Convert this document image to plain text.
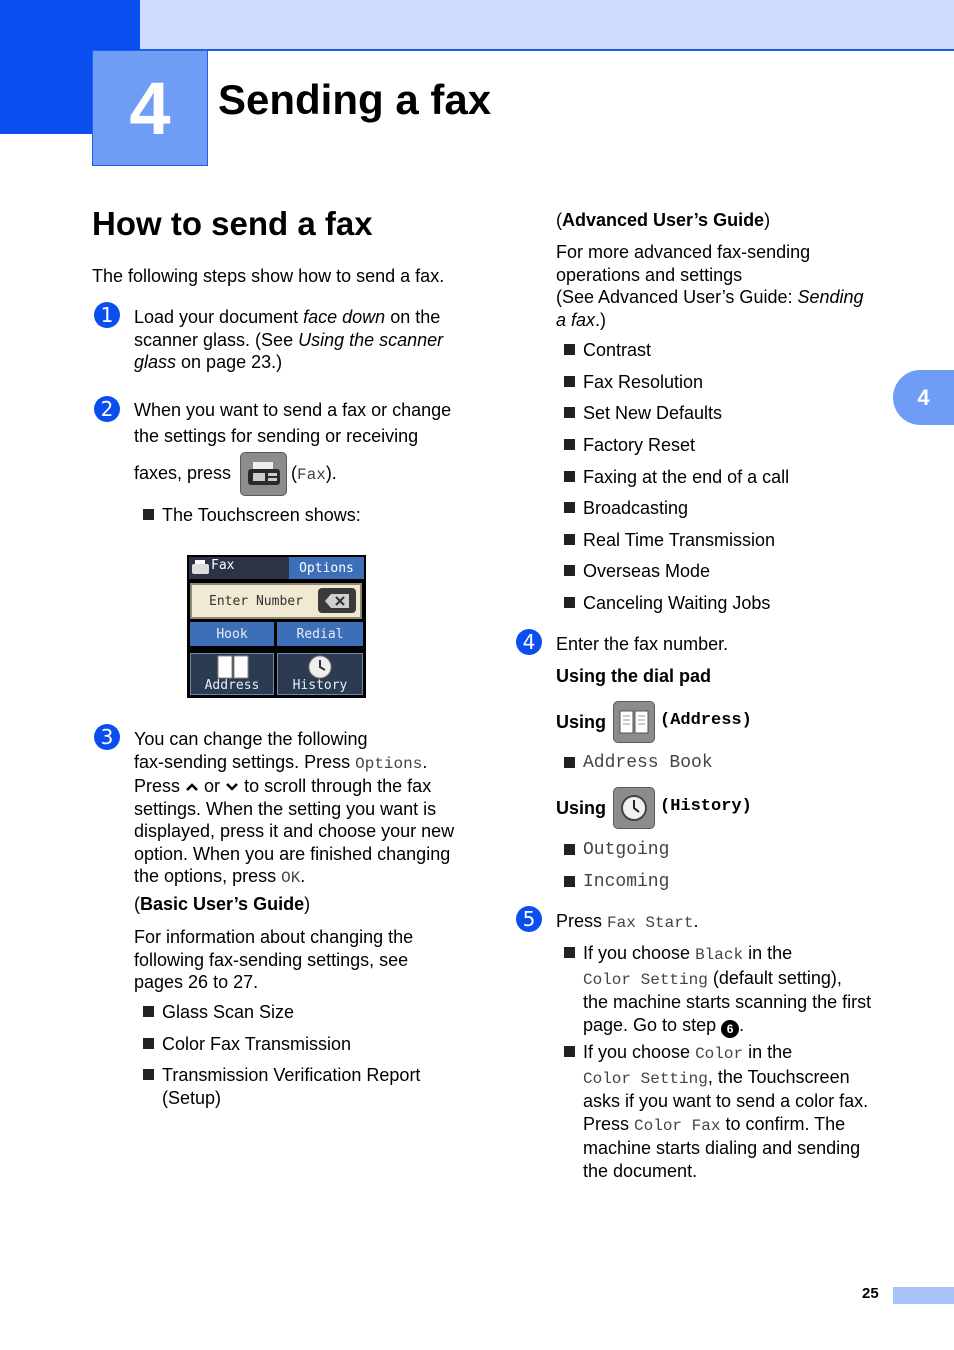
4	Sending a fax
4
How to send a fax
The following steps show how to send a fax.
1	Load your document face down on the
scanner glass. (See Using the scanner
glass on page 23.)
2	When you want to send a fax or change
the settings for sending or receiving
faxes, press	(Fax).
The Touchscreen shows:
Fax	Options
Enter Number
Hook	Redial
Address	History
3	You can change the following
fax-sending settings. Press Options.
Press or to scroll through the fax
settings. When the setting you want is
displayed, press it and choose your new
option. When you are finished changing
the options, press OK.
(Basic User’s Guide)
For information about changing the
following fax-sending settings, see
pages 26 to 27.
Glass Scan Size
Color Fax Transmission
Transmission Verification Report
(Setup)
(Advanced User’s Guide)
For more advanced fax-sending
operations and settings
(See Advanced User’s Guide: Sending
a fax.)
Contrast
Fax Resolution
Set New Defaults
Factory Reset
Faxing at the end of a call
Broadcasting
Real Time Transmission
Overseas Mode
Canceling Waiting Jobs
4	Enter the fax number.
Using the dial pad
Using	(Address)
Address Book
Using	(History)
Outgoing
Incoming
5	Press Fax Start.
If you choose Black in the
Color Setting (default setting),
the machine starts scanning the first
page. Go to step 6 .
If you choose Color in the
Color Setting, the Touchscreen
asks if you want to send a color fax.
Press Color Fax to confirm. The
machine starts dialing and sending
the document.
25
